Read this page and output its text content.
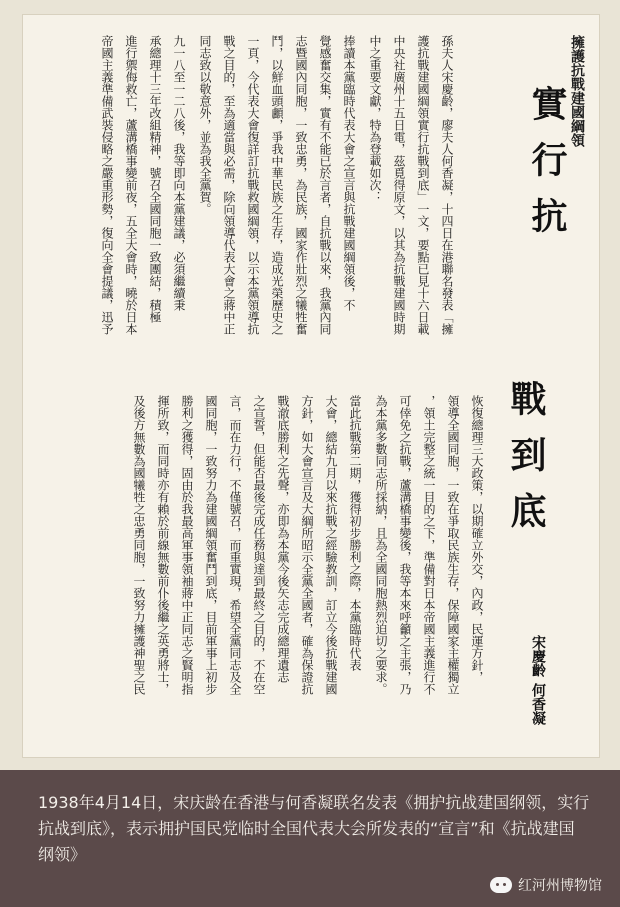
擁護抗戰建國綱領
實行抗
戰到底
宋慶齡
何香凝
孫夫人宋慶齡，廖夫人何香凝，十四日在港聯名發表「擁
護抗戰建國綱領實行抗戰到底」一文，要點已見十六日載
中央社廣州十五日電，茲覓得原文，以其為抗戰建國時期
中之重要文獻，特為登載如次：
捧讀本黨臨時代表大會之宣言與抗戰建國綱領後，不
覺感奮交集，實有不能已於言者，自抗戰以來，我黨內同
志暨國內同胞，一致忠勇，為民族，國家作壯烈之犧牲奮
鬥，以鮮血頭顱，爭我中華民族之生存，造成光榮歷史之
一頁，今代表大會復詳訂抗戰救國綱領，以示本黨領導抗
戰之目的，至為適當與必需，除向領導代表大會之蔣中正
同志致以敬意外，並為我全黨賀。
九一八至一二八後，我等即向本黨建議，必須繼續秉
承總理十三年改組精神，號召全國同胞一致團結，積極
進行禦侮救亡，蘆溝橋事變前夜，五全大會時，曉於日本
帝國主義準備武裝侵略之嚴重形勢，復向全會提議，迅予
恢復總理三大政策，以期確立外交，內政，民運方針，
領導全國同胞，一致在爭取民族生存，保障國家主權獨立
，領土完整之統一目的之下，準備對日本帝國主義進行不
可倖免之抗戰，蘆溝橋事變後，我等本來呼籲之主張，乃
為本黨多數同志所採納，且為全國同胞熱烈迫切之要求。
當此抗戰第二期，獲得初步勝利之際，本黨臨時代表
大會，總結九月以來抗戰之經驗教訓，訂立今後抗戰建國
方針，如大會宣言及大綱所昭示全黨全國者，確為保證抗
戰澈底勝利之先聲，亦即為本黨今後矢志完成總理遺志
之宣誓，但能否最後完成任務與達到最終之目的，不在空
言，而在力行，不僅號召，而重實現，希望全黨同志及全
國同胞，一致努力為建國綱領奮鬥到底，目前軍事上初步
勝利之獲得，固由於我最高軍事領袖蔣中正同志之賢明指
揮所致，而同時亦有賴於前線無數前仆後繼之英勇將士，
及後方無數為國犧牲之忠勇同胞，一致努力擁護神聖之民
1938年4月14日，宋庆龄在香港与何香凝联名发表《拥护抗战建国纲领，实行抗战到底》，表示拥护国民党临时全国代表大会所发表的“宣言”和《抗战建国纲领》
红河州博物馆
